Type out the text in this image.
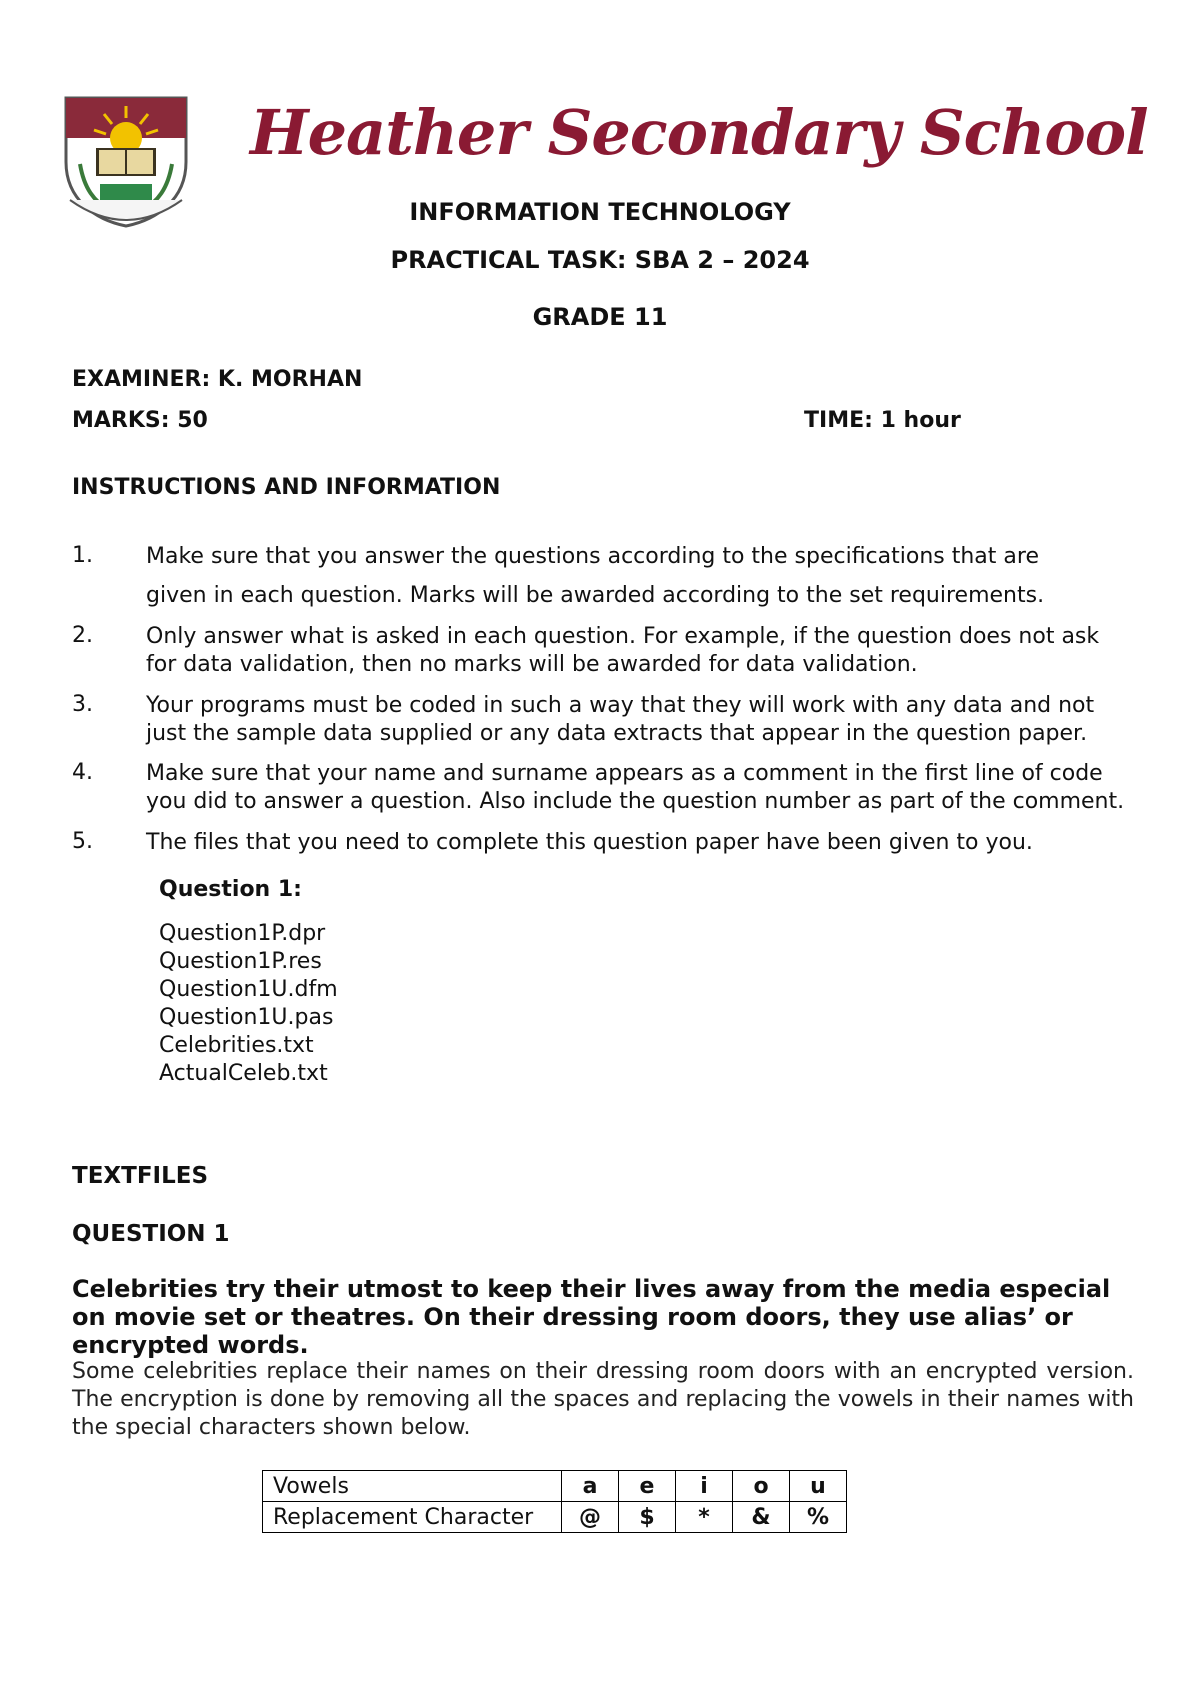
Heather Secondary School
INFORMATION TECHNOLOGY
PRACTICAL TASK: SBA 2 – 2024
GRADE 11
EXAMINER: K. MORHAN
MARKS: 50	TIME: 1 hour
INSTRUCTIONS AND INFORMATION
1. Make sure that you answer the questions according to the specifications that are
given in each question. Marks will be awarded according to the set requirements.
2. Only answer what is asked in each question. For example, if the question does not ask for data validation, then no marks will be awarded for data validation.
3. Your programs must be coded in such a way that they will work with any data and not just the sample data supplied or any data extracts that appear in the question paper.
4. Make sure that your name and surname appears as a comment in the first line of code you did to answer a question. Also include the question number as part of the comment.
5. The files that you need to complete this question paper have been given to you.
Question 1:
Question1P.dpr
Question1P.res
Question1U.dfm
Question1U.pas
Celebrities.txt
ActualCeleb.txt
TEXTFILES
QUESTION 1
Celebrities try their utmost to keep their lives away from the media especial on movie set or theatres. On their dressing room doors, they use alias’ or encrypted words.
Some celebrities replace their names on their dressing room doors with an encrypted version. The encryption is done by removing all the spaces and replacing the vowels in their names with the special characters shown below.
Vowels	a	e	i	o	u
Replacement Character	@	$	*	&	%
